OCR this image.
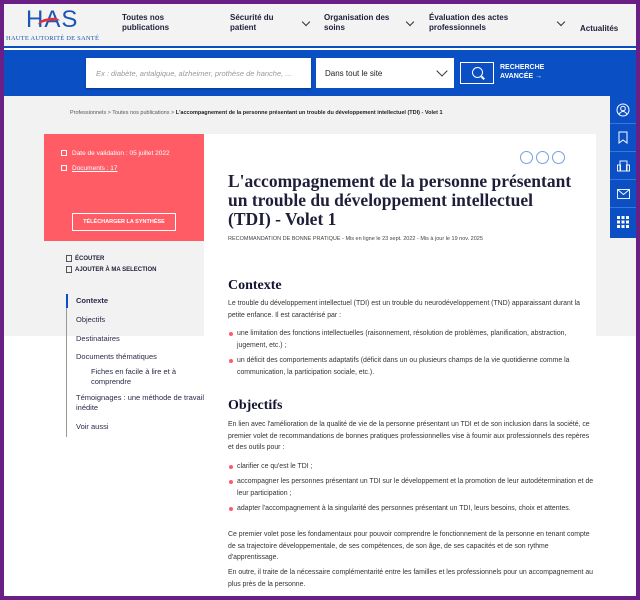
HAS
HAUTE AUTORITÉ DE SANTÉ
Toutes nos
publications
Sécurité du
patient
Organisation des
soins
Évaluation des actes
professionnels	Actualités
Ex : diabète, antalgique, alzheimer, prothèse de hanche, ...	Dans tout le site
RECHERCHE
AVANCÉE →
Professionnels > Toutes nos publications > L'accompagnement de la personne présentant un trouble du développement intellectuel (TDI) - Volet 1
L'accompagnement de la personne présentant un trouble du développement intellectuel (TDI) - Volet 1
RECOMMANDATION DE BONNE PRATIQUE - Mis en ligne le 23 sept. 2022 - Mis à jour le 19 nov. 2025
Contexte

Le trouble du développement intellectuel (TDI) est un trouble du neurodéveloppement (TND) apparaissant durant la petite enfance. Il est caractérisé par :

une limitation des fonctions intellectuelles (raisonnement, résolution de problèmes, planification, abstraction, jugement, etc.) ;
un déficit des comportements adaptatifs (déficit dans un ou plusieurs champs de la vie quotidienne comme la communication, la participation sociale, etc.).
Objectifs

En lien avec l'amélioration de la qualité de vie de la personne présentant un TDI et de son inclusion dans la société, ce premier volet de recommandations de bonnes pratiques professionnelles vise à fournir aux professionnels des repères et des outils pour :

clarifier ce qu'est le TDI ;
accompagner les personnes présentant un TDI sur le développement et la promotion de leur autodétermination et de leur participation ;
adapter l'accompagnement à la singularité des personnes présentant un TDI, leurs besoins, choix et attentes.

Ce premier volet pose les fondamentaux pour pouvoir comprendre le fonctionnement de la personne en tenant compte de sa trajectoire développementale, de ses compétences, de son âge, de ses capacités et de son rythme d'apprentissage.

En outre, il traite de la nécessaire complémentarité entre les familles et les professionnels pour un accompagnement au plus près de la personne.

Date de validation : 05 juillet 2022
Documents : 17
TÉLÉCHARGER LA SYNTHÈSE
ÉCOUTER
AJOUTER À MA SELECTION
Contexte
Objectifs
Destinataires
Documents thématiques
Fiches en facile à lire et à comprendre
Témoignages : une méthode de travail inédite
Voir aussi
